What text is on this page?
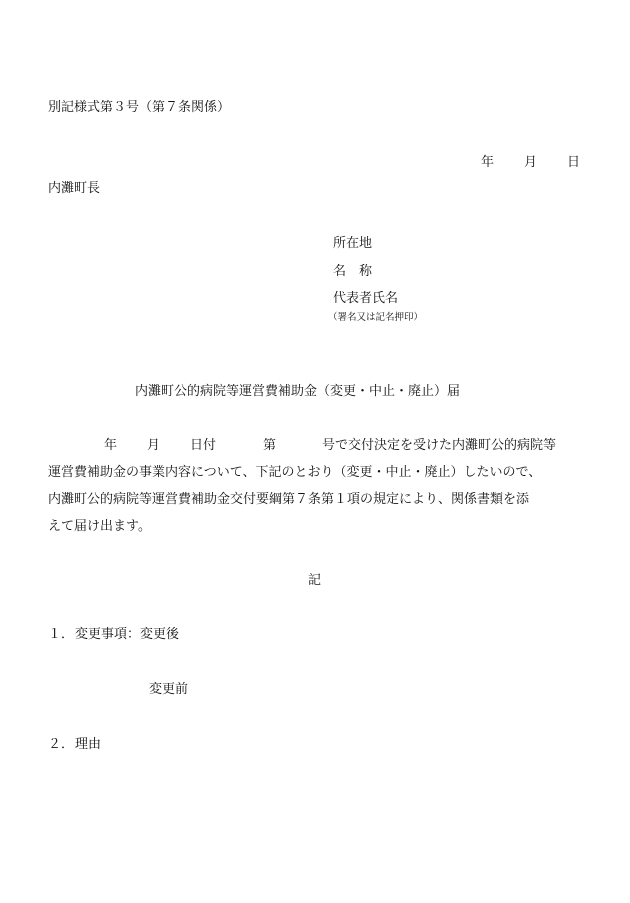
別記様式第３号（第７条関係）
年 月 日
内灘町長
所在地
名　称
代表者氏名
（署名又は記名押印）
内灘町公的病院等運営費補助金（変更・中止・廃止）届
年 月 日付	第	号で交付決定を受けた内灘町公的病院等
運営費補助金の事業内容について、下記のとおり（変更・中止・廃止）したいので、
内灘町公的病院等運営費補助金交付要綱第７条第１項の規定により、関係書類を添
えて届け出ます。
記
１． 変更事項：変更後
変更前
２． 理由
